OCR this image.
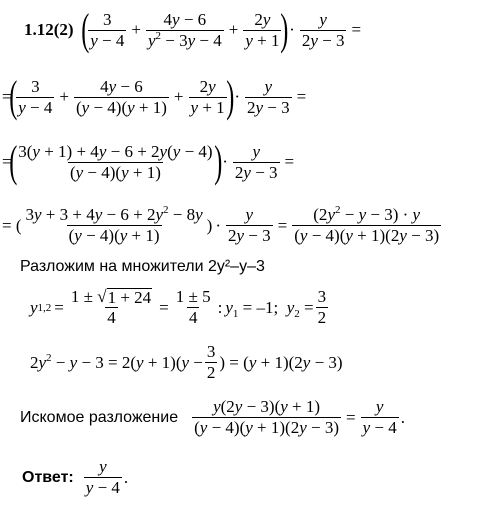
1.12(2) ( $\frac{3}{y - 4} + \frac{4y - 6}{y^2 - 3y - 4} + \frac{2y}{y + 1}$ ) · $\frac{y}{2y - 3}$ =
=
( $\frac{3}{y - 4} + \frac{4y - 6}{(y - 4)(y + 1)} + \frac{2y}{y + 1}$ ) · $\frac{y}{2y - 3}$ =
=
( $\frac{3(y + 1) + 4y - 6 + 2y(y - 4)}{(y - 4)(y + 1)}$ ) · $\frac{y}{2y - 3}$ =
= ( $\frac{3y + 3 + 4y - 6 + 2y^2 - 8y}{(y - 4)(y + 1)}$ ) · $\frac{y}{2y - 3} = \frac{(2y^2 - y - 3) \cdot y}{(y - 4)(y + 1)(2y - 3)}$
Разложим на множители 2y²–y–3
y $1,2 = \frac{1 \pm √ 1 + 24}{4} = \frac{1 \pm 5}{4}$ : $y_1 = -1$;  $y_2 = \frac{3}{2}$
$2y^2 - y - 3 = 2(y + 1)(y - \frac{3}{2}$ ) = (y + 1)(2y − 3)
Искомое разложение $\frac{y(2y - 3)(y + 1)}{(y - 4)(y + 1)(2y - 3)} = \frac{y}{y - 4}$ .
Ответ: $\frac{y}{y - 4}$ .
